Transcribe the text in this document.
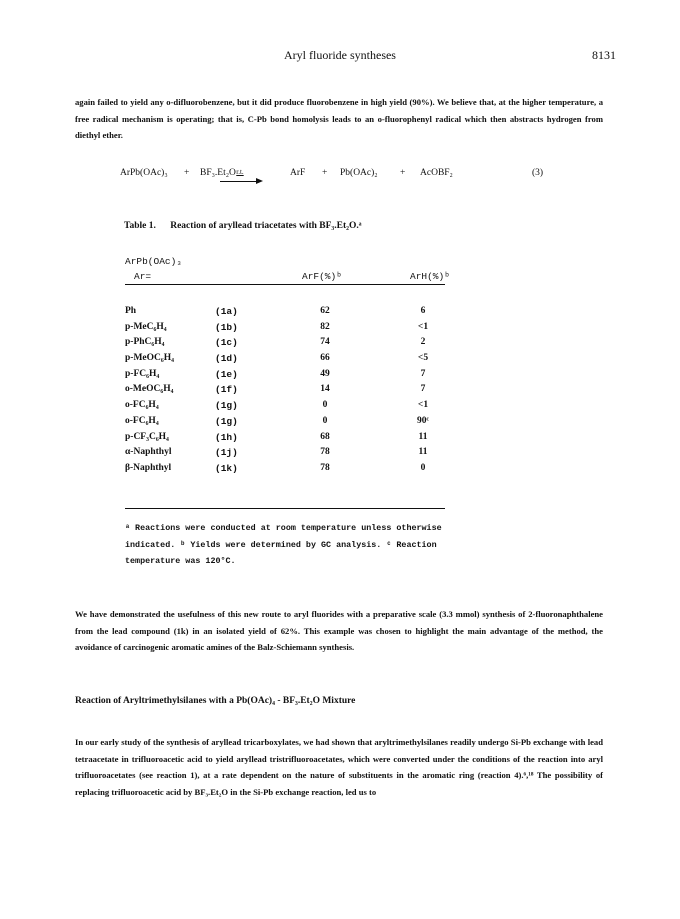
Aryl fluoride syntheses	8131

again failed to yield any o-difluorobenzene, but it did produce fluorobenzene in high yield (90%). We believe that, at the higher temperature, a free radical mechanism is operating; that is, C-Pb bond homolysis leads to an o-fluorophenyl radical which then abstracts hydrogen from diethyl ether.

ArPb(OAc)₃ + BF₃.Et₂O r.t.	ArF + Pb(OAc)₂ + AcOBF₂	(3)
Table 1. Reaction of aryllead triacetates with BF₃.Et₂O.ᵃ
ArPb(OAc)₃
Ar=	ArF(%)ᵇ	ArH(%)ᵇ
Ph	(1a)	62	6
p-MeC₆H₄	(1b)	82	<1
p-PhC₆H₄	(1c)	74	2
p-MeOC₆H₄	(1d)	66	<5
p-FC₆H₄	(1e)	49	7
o-MeOC₆H₄	(1f)	14	7
o-FC₆H₄	(1g)	0	<1
o-FC₆H₄	(1g)	0	90ᶜ
p-CF₃C₆H₄	(1h)	68	11
α-Naphthyl	(1j)	78	11
β-Naphthyl	(1k)	78	0
ᵃ Reactions were conducted at room temperature unless otherwise indicated. ᵇ Yields were determined by GC analysis. ᶜ Reaction temperature was 120°C.

We have demonstrated the usefulness of this new route to aryl fluorides with a preparative scale (3.3 mmol) synthesis of 2-fluoronaphthalene from the lead compound (1k) in an isolated yield of 62%. This example was chosen to highlight the main advantage of the method, the avoidance of carcinogenic aromatic amines of the Balz-Schiemann synthesis.

Reaction of Aryltrimethylsilanes with a Pb(OAc)₄ - BF₃.Et₂O Mixture

In our early study of the synthesis of aryllead tricarboxylates, we had shown that aryltrimethylsilanes readily undergo Si-Pb exchange with lead tetraacetate in trifluoroacetic acid to yield aryllead tristrifluoroacetates, which were converted under the conditions of the reaction into aryl trifluoroacetates (see reaction 1), at a rate dependent on the nature of substituents in the aromatic ring (reaction 4).⁶,¹⁸ The possibility of replacing trifluoroacetic acid by BF₃.Et₂O in the Si-Pb exchange reaction, led us to
